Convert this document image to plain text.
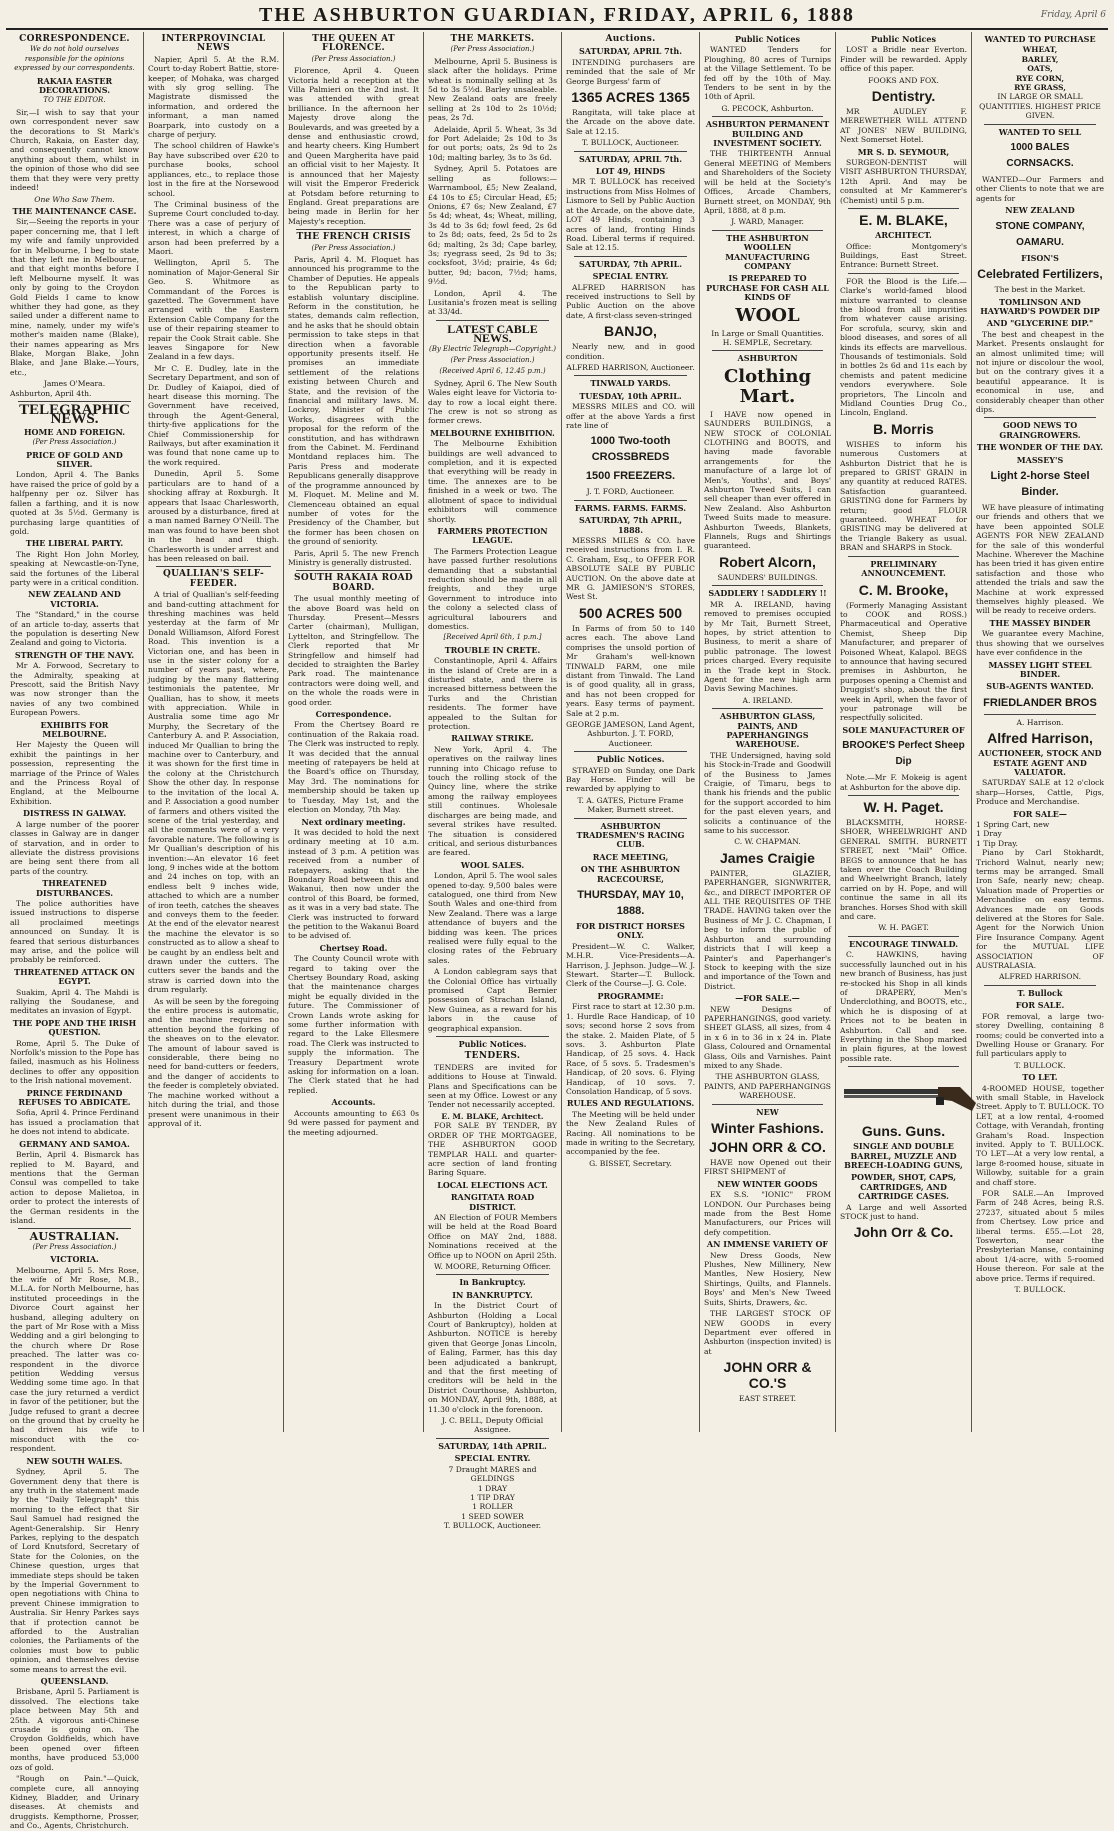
THE ASHBURTON GUARDIAN, FRIDAY, APRIL 6, 1888	Friday, April 6
CORRESPONDENCE.
We do not hold ourselves responsible for the opinions expressed by our correspondents.
RAKAIA EASTER DECORATIONS.
TO THE EDITOR.

Sir,—I wish to say that your own correspondent never saw the decorations to St Mark's Church, Rakaia, on Easter day, and consequently cannot know anything about them, whilst in the opinion of those who did see them that they were very pretty indeed!

One Who Saw Them.
THE MAINTENANCE CASE.

Sir,—Seeing the reports in your paper concerning me, that I left my wife and family unprovided for in Melbourne, I beg to state that they left me in Melbourne, and that eight months before I left Melbourne myself. It was only by going to the Croydon Gold Fields I came to know whither they had gone, as they sailed under a different name to mine, namely, under my wife's mother's maiden name (Blake), their names appearing as Mrs Blake, Morgan Blake, John Blake, and Jane Blake.—Yours, etc.,

James O'Meara.
Ashburton, April 4th.
TELEGRAPHIC NEWS.
HOME AND FOREIGN.
(Per Press Association.)
PRICE OF GOLD AND SILVER.

London, April 4. The Banks have raised the price of gold by a halfpenny per oz. Silver has fallen a farthing, and it is now quoted at 3s 5½d. Germany is purchasing large quantities of gold.

THE LIBERAL PARTY.

The Right Hon John Morley, speaking at Newcastle-on-Tyne, said the fortunes of the Liberal party were in a critical condition.

NEW ZEALAND AND VICTORIA.

The "Standard," in the course of an article to-day, asserts that the population is deserting New Zealand and going to Victoria.

STRENGTH OF THE NAVY.

Mr A. Forwood, Secretary to the Admiralty, speaking at Prescott, said the British Navy was now stronger than the navies of any two combined European Powers.

EXHIBITS FOR MELBOURNE.

Her Majesty the Queen will exhibit the paintings in her possession, representing the marriage of the Prince of Wales and the Princess Royal of England, at the Melbourne Exhibition.

DISTRESS IN GALWAY.

A large number of the poorer classes in Galway are in danger of starvation, and in order to alleviate the distress provisions are being sent there from all parts of the country.

THREATENED DISTURBANCES.

The police authorities have issued instructions to disperse all proclaimed meetings announced on Sunday. It is feared that serious disturbances may arise, and the police will probably be reinforced.

THREATENED ATTACK ON EGYPT.

Suakim, April 4. The Mahdi is rallying the Soudanese, and meditates an invasion of Egypt.

THE POPE AND THE IRISH QUESTION.

Rome, April 5. The Duke of Norfolk's mission to the Pope has failed, inasmuch as his Holiness declines to offer any opposition to the Irish national movement.

PRINCE FERDINAND REFUSES TO ABDICATE.

Sofia, April 4. Prince Ferdinand has issued a proclamation that he does not intend to abdicate.

GERMANY AND SAMOA.

Berlin, April 4. Bismarck has replied to M. Bayard, and mentions that the German Consul was compelled to take action to depose Malietoa, in order to protect the interests of the German residents in the island.

AUSTRALIAN.
(Per Press Association.)
VICTORIA.

Melbourne, April 5. Mrs Rose, the wife of Mr Rose, M.B., M.L.A. for North Melbourne, has instituted proceedings in the Divorce Court against her husband, alleging adultery on the part of Mr Rose with a Miss Wedding and a girl belonging to the church where Dr Rose preached. The latter was co-respondent in the divorce petition Wedding versus Wedding some time ago. In that case the jury returned a verdict in favor of the petitioner, but the Judge refused to grant a decree on the ground that by cruelty he had driven his wife to misconduct with the co-respondent.

NEW SOUTH WALES.

Sydney, April 5. The Government deny that there is any truth in the statement made by the "Daily Telegraph" this morning to the effect that Sir Saul Samuel had resigned the Agent-Generalship. Sir Henry Parkes, replying to the despatch of Lord Knutsford, Secretary of State for the Colonies, on the Chinese question, urges that immediate steps should be taken by the Imperial Government to open negotiations with China to prevent Chinese immigration to Australia. Sir Henry Parkes says that if protection cannot be afforded to the Australian colonies, the Parliaments of the colonies must bow to public opinion, and themselves devise some means to arrest the evil.

QUEENSLAND.

Brisbane, April 5. Parliament is dissolved. The elections take place between May 5th and 25th. A vigorous anti-Chinese crusade is going on. The Croydon Goldfields, which have been opened over fifteen months, have produced 53,000 ozs of gold.

"Rough on Pain."—Quick, complete cure, all annoying Kidney, Bladder, and Urinary diseases. At chemists and druggists. Kempthorne, Prosser, and Co., Agents, Christchurch.

INTERPROVINCIAL NEWS

Napier, April 5. At the R.M. Court to-day Robert Battie, store-keeper, of Mohaka, was charged with sly grog selling. The Magistrate dismissed the information, and ordered the informant, a man named Boarpark, into custody on a charge of perjury.

The school children of Hawke's Bay have subscribed over £20 to purchase books, school appliances, etc., to replace those lost in the fire at the Norsewood school.

The Criminal business of the Supreme Court concluded to-day. There was a case of perjury of interest, in which a charge of arson had been preferred by a Maori.

Wellington, April 5. The nomination of Major-General Sir Geo. S. Whitmore as Commandant of the Forces is gazetted. The Government have arranged with the Eastern Extension Cable Company for the use of their repairing steamer to repair the Cook Strait cable. She leaves Singapore for New Zealand in a few days.

Mr C. E. Dudley, late in the Secretary Department, and son of Dr. Dudley of Kaiapoi, died of heart disease this morning. The Government have received, through the Agent-General, thirty-five applications for the Chief Commissionership for Railways, but after examination it was found that none came up to the work required.

Dunedin, April 5. Some particulars are to hand of a shocking affray at Roxburgh. It appears that Isaac Charlesworth, aroused by a disturbance, fired at a man named Barney O'Neill. The man was found to have been shot in the head and thigh. Charlesworth is under arrest and has been released on bail.

QUALLIAN'S SELF-FEEDER.

A trial of Quallian's self-feeding and band-cutting attachment for threshing machines was held yesterday at the farm of Mr Donald Williamson, Alford Forest Road. This invention is a Victorian one, and has been in use in the sister colony for a number of years past, where, judging by the many flattering testimonials the patentee, Mr Quallian, has to show, it meets with appreciation. While in Australia some time ago Mr Murphy, the Secretary of the Canterbury A. and P. Association, induced Mr Quallian to bring the machine over to Canterbury, and it was shown for the first time in the colony at the Christchurch Show the other day. In response to the invitation of the local A. and P. Association a good number of farmers and others visited the scene of the trial yesterday, and all the comments were of a very favorable nature. The following is Mr Quallian's description of his invention:—An elevator 16 feet long, 9 inches wide at the bottom and 24 inches on top, with an endless belt 9 inches wide, attached to which are a number of iron teeth, catches the sheaves and conveys them to the feeder. At the end of the elevator nearest the machine the elevator is so constructed as to allow a sheaf to be caught by an endless belt and drawn under the cutters. The cutters sever the bands and the straw is carried down into the drum regularly.

As will be seen by the foregoing the entire process is automatic, and the machine requires no attention beyond the forking of the sheaves on to the elevator. The amount of labour saved is considerable, there being no need for band-cutters or feeders, and the danger of accidents to the feeder is completely obviated. The machine worked without a hitch during the trial, and those present were unanimous in their approval of it.

THE QUEEN AT FLORENCE.
(Per Press Association.)

Florence, April 4. Queen Victoria held a reception at the Villa Palmieri on the 2nd inst. It was attended with great brilliance. In the afternoon her Majesty drove along the Boulevards, and was greeted by a dense and enthusiastic crowd, and hearty cheers. King Humbert and Queen Margherita have paid an official visit to her Majesty. It is announced that her Majesty will visit the Emperor Frederick at Potsdam before returning to England. Great preparations are being made in Berlin for her Majesty's reception.

THE FRENCH CRISIS
(Per Press Association.)

Paris, April 4. M. Floquet has announced his programme to the Chamber of Deputies. He appeals to the Republican party to establish voluntary discipline. Reform in the constitution, he states, demands calm reflection, and he asks that he should obtain permission to take steps in that direction when a favorable opportunity presents itself. He promises an immediate settlement of the relations existing between Church and State, and the revision of the financial and military laws. M. Lockroy, Minister of Public Works, disagrees with the proposal for the reform of the constitution, and has withdrawn from the Cabinet. M. Ferdinand Montdand replaces him. The Paris Press and moderate Republicans generally disapprove of the programme announced by M. Floquet. M. Meline and M. Clemenceau obtained an equal number of votes for the Presidency of the Chamber, but the former has been chosen on the ground of seniority.

Paris, April 5. The new French Ministry is generally distrusted.

SOUTH RAKAIA ROAD BOARD.

The usual monthly meeting of the above Board was held on Thursday. Present—Messrs Carter (chairman), Mulligan, Lyttelton, and Stringfellow. The Clerk reported that Mr Stringfellow and himself had decided to straighten the Barley Park road. The maintenance contractors were doing well, and on the whole the roads were in good order.

Correspondence.

From the Chertsey Board re continuation of the Rakaia road. The Clerk was instructed to reply. It was decided that the annual meeting of ratepayers be held at the Board's office on Thursday, May 3rd. The nominations for membership should be taken up to Tuesday, May 1st, and the election on Monday, 7th May.

Next ordinary meeting.

It was decided to hold the next ordinary meeting at 10 a.m. instead of 3 p.m. A petition was received from a number of ratepayers, asking that the Boundary Road between this and Wakanui, then now under the control of this Board, be formed, as it was in a very bad state. The Clerk was instructed to forward the petition to the Wakanui Board to be advised of.

Chertsey Road.

The County Council wrote with regard to taking over the Chertsey Boundary Road, asking that the maintenance charges might be equally divided in the future. The Commissioner of Crown Lands wrote asking for some further information with regard to the Lake Ellesmere road. The Clerk was instructed to supply the information. The Treasury Department wrote asking for information on a loan. The Clerk stated that he had replied.

Accounts.

Accounts amounting to £63 0s 9d were passed for payment and the meeting adjourned.

THE MARKETS.
(Per Press Association.)

Melbourne, April 5. Business is slack after the holidays. Prime wheat is nominally selling at 3s 5d to 3s 5½d. Barley unsaleable. New Zealand oats are freely selling at 2s 10d to 2s 10½d; peas, 2s 7d.

Adelaide, April 5. Wheat, 3s 3d for Port Adelaide; 2s 10d to 3s for out ports; oats, 2s 9d to 2s 10d; malting barley, 3s to 3s 6d.

Sydney, April 5. Potatoes are selling as follows:—Warrnambool, £5; New Zealand, £4 10s to £5; Circular Head, £5; Onions, £7 6s; New Zealand, £7 5s 4d; wheat, 4s; Wheat, milling, 3s 4d to 3s 6d; fowl feed, 2s 6d to 2s 8d; oats, feed, 2s 5d to 2s 6d; malting, 2s 3d; Cape barley, 3s; ryegrass seed, 2s 9d to 3s; cocksfoot, 3½d; prairie, 4s 6d; butter, 9d; bacon, 7½d; hams, 9½d.

London, April 4. The Lusitania's frozen meat is selling at 33/4d.

LATEST CABLE NEWS.
(By Electric Telegraph—Copyright.)
(Per Press Association.)
(Received April 6, 12.45 p.m.)

Sydney, April 6. The New South Wales eight leave for Victoria to-day to row a local eight there. The crew is not so strong as former crews.

MELBOURNE EXHIBITION.

The Melbourne Exhibition buildings are well advanced to completion, and it is expected that everything will be ready in time. The annexes are to be finished in a week or two. The allotment of space to individual exhibitors will commence shortly.

FARMERS PROTECTION LEAGUE.

The Farmers Protection League have passed further resolutions demanding that a substantial reduction should be made in all freights, and they urge Government to introduce into the colony a selected class of agricultural labourers and domestics.

[Received April 6th, 1 p.m.]
TROUBLE IN CRETE.

Constantinople, April 4. Affairs in the island of Crete are in a disturbed state, and there is increased bitterness between the Turks and the Christian residents. The former have appealed to the Sultan for protection.

RAILWAY STRIKE.

New York, April 4. The operatives on the railway lines running into Chicago refuse to touch the rolling stock of the Quincy line, where the strike among the railway employees still continues. Wholesale discharges are being made, and several strikes have resulted. The situation is considered critical, and serious disturbances are feared.

WOOL SALES.

London, April 5. The wool sales opened to-day. 9,500 bales were catalogued, one third from New South Wales and one-third from New Zealand. There was a large attendance of buyers and the bidding was keen. The prices realised were fully equal to the closing rates of the February sales.

A London cablegram says that the Colonial Office has virtually promised Capt Bernier possession of Strachan Island, New Guinea, as a reward for his labors in the cause of geographical expansion.

Public Notices.
TENDERS.

TENDERS are invited for additions to House at Tinwald. Plans and Specifications can be seen at my Office. Lowest or any Tender not necessarily accepted.

E. M. BLAKE, Architect.

FOR SALE BY TENDER, BY ORDER OF THE MORTGAGEE, THE ASHBURTON GOOD TEMPLAR HALL and quarter-acre section of land fronting Baring Square.

LOCAL ELECTIONS ACT.
RANGITATA ROAD DISTRICT.

AN Election of FOUR Members will be held at the Road Board Office on MAY 2nd, 1888. Nominations received at the Office up to NOON on April 25th.

W. MOORE, Returning Officer.
In Bankruptcy.
IN BANKRUPTCY.

In the District Court of Ashburton (Holding a Local Court of Bankruptcy), holden at Ashburton. NOTICE is hereby given that George Jonas Lincoln, of Ealing, Farmer, has this day been adjudicated a bankrupt, and that the first meeting of creditors will be held in the District Courthouse, Ashburton, on MONDAY, April 9th, 1888, at 11.30 o'clock in the forenoon.

J. C. BELL, Deputy Official Assignee.
SATURDAY, 14th APRIL.
SPECIAL ENTRY.
7 Draught MARES and GELDINGS
1 DRAY
1 TIP DRAY
1 ROLLER
1 SEED SOWER
T. BULLOCK, Auctioneer.
Auctions.
SATURDAY, APRIL 7th.

INTENDING purchasers are reminded that the sale of Mr George Burgess' farm of

1365 ACRES 1365

Rangitata, will take place at the Arcade on the above date. Sale at 12.15.

T. BULLOCK, Auctioneer.
SATURDAY, APRIL 7th.
LOT 49, HINDS

MR T. BULLOCK has received instructions from Miss Holmes of Lismore to Sell by Public Auction at the Arcade, on the above date, LOT 49 Hinds, containing 3 acres of land, fronting Hinds Road. Liberal terms if required. Sale at 12.15.

SATURDAY, 7th APRIL.
SPECIAL ENTRY.

ALFRED HARRISON has received instructions to Sell by Public Auction on the above date, A first-class seven-stringed

BANJO,

Nearly new, and in good condition.

ALFRED HARRISON, Auctioneer.
TINWALD YARDS.
TUESDAY, 10th APRIL.

MESSRS MILES and CO. will offer at the above Yards a first rate line of

1000 Two-tooth CROSSBREDS
1500 FREEZERS.
J. T. FORD, Auctioneer.
FARMS. FARMS. FARMS.
SATURDAY, 7th APRIL, 1888.

MESSRS MILES & CO. have received instructions from I. R. C. Graham, Esq., to OFFER FOR ABSOLUTE SALE BY PUBLIC AUCTION. On the above date at MR G. JAMIESON'S STORES, West St.

500 ACRES 500

In Farms of from 50 to 140 acres each. The above Land comprises the unsold portion of Mr Graham's well-known TINWALD FARM, one mile distant from Tinwald. The Land is of good quality, all in grass, and has not been cropped for years. Easy terms of payment. Sale at 2 p.m.

GEORGE JAMESON, Land Agent, Ashburton. J. T. FORD, Auctioneer.
Public Notices.

STRAYED on Sunday, one Dark Bay Horse. Finder will be rewarded by applying to

T. A. GATES, Picture Frame Maker, Burnett street.
ASHBURTON TRADESMEN'S RACING CLUB.
RACE MEETING,
ON THE ASHBURTON RACECOURSE,
THURSDAY, MAY 10, 1888.
FOR DISTRICT HORSES ONLY.

President—W. C. Walker, M.H.R. Vice-Presidents—A. Harrison, J. Jephson. Judge—W. J. Stewart. Starter—T. Bullock. Clerk of the Course—J. G. Cole.

PROGRAMME:

First race to start at 12.30 p.m. 1. Hurdle Race Handicap, of 10 sovs; second horse 2 sovs from the stake. 2. Maiden Plate, of 5 sovs. 3. Ashburton Plate Handicap, of 25 sovs. 4. Hack Race, of 5 sovs. 5. Tradesmen's Handicap, of 20 sovs. 6. Flying Handicap, of 10 sovs. 7. Consolation Handicap, of 5 sovs.

RULES AND REGULATIONS.

The Meeting will be held under the New Zealand Rules of Racing. All nominations to be made in writing to the Secretary, accompanied by the fee.

G. BISSET, Secretary.
Public Notices

WANTED Tenders for Ploughing, 80 acres of Turnips at the Village Settlement. To be fed off by the 10th of May. Tenders to be sent in by the 10th of April.

G. PECOCK, Ashburton.
ASHBURTON PERMANENT BUILDING AND INVESTMENT SOCIETY.

THE THIRTEENTH Annual General MEETING of Members and Shareholders of the Society will be held at the Society's Offices, Arcade Chambers, Burnett street, on MONDAY, 9th April, 1888, at 8 p.m.

J. WARD, Manager.
THE ASHBURTON WOOLLEN MANUFACTURING COMPANY
IS PREPARED TO PURCHASE FOR CASH ALL KINDS OF
WOOL
In Large or Small Quantities.
H. SEMPLE, Secretary.
ASHBURTON
Clothing Mart.

I HAVE now opened in SAUNDERS BUILDINGS, a NEW STOCK of COLONIAL CLOTHING and BOOTS, and having made favorable arrangements for the manufacture of a large lot of Men's, Youths', and Boys' Ashburton Tweed Suits, I can sell cheaper than ever offered in New Zealand. Also Ashburton Tweed Suits made to measure. Ashburton Tweeds, Blankets, Flannels, Rugs and Shirtings guaranteed.

Robert Alcorn,
SAUNDERS' BUILDINGS.
SADDLERY ! SADDLERY !!

MR A. IRELAND, having removed to premises occupied by Mr Tait, Burnett Street, hopes, by strict attention to Business, to merit a share of public patronage. The lowest prices charged. Every requisite in the Trade kept in Stock. Agent for the new high arm Davis Sewing Machines.

A. IRELAND.
ASHBURTON GLASS, PAINTS, AND PAPERHANGINGS WAREHOUSE.

THE Undersigned, having sold his Stock-in-Trade and Goodwill of the Business to James Craigie, of Timaru, begs to thank his friends and the public for the support accorded to him for the past eleven years, and solicits a continuance of the same to his successor.

C. W. CHAPMAN.
James Craigie

PAINTER, GLAZIER, PAPERHANGER, SIGNWRITER, &c., and DIRECT IMPORTER OF ALL THE REQUISITES OF THE TRADE. HAVING taken over the Business of Mr J. C. Chapman, I beg to inform the public of Ashburton and surrounding districts that I will keep a Painter's and Paperhanger's Stock to keeping with the size and importance of the Town and District.

—FOR SALE.—

NEW Designs of PAPERHANGINGS, good variety. SHEET GLASS, all sizes, from 4 in x 6 in to 36 in x 24 in. Plate Glass, Coloured and Ornamental Glass, Oils and Varnishes. Paint mixed to any Shade.

THE ASHBURTON GLASS, PAINTS, AND PAPERHANGINGS WAREHOUSE.
NEW
Winter Fashions.
JOHN ORR & CO.

HAVE now Opened out their FIRST SHIPMENT of

NEW WINTER GOODS

EX S.S. "IONIC" FROM LONDON. Our Purchases being made from the Best Home Manufacturers, our Prices will defy competition.

AN IMMENSE VARIETY OF

New Dress Goods, New Plushes, New Millinery, New Mantles, New Hosiery, New Shirtings, Quilts, and Flannels. Boys' and Men's New Tweed Suits, Shirts, Drawers, &c.

THE LARGEST STOCK OF NEW GOODS in every Department ever offered in Ashburton (inspection invited) is at

JOHN ORR & CO.'S
EAST STREET.
Public Notices

LOST a Bridle near Everton. Finder will be rewarded. Apply office of this paper.

FOOKS AND FOX.
Dentistry.

MR AUDLEY F. MEREWETHER WILL ATTEND AT JONES' NEW BUILDING, Next Somerset Hotel.

MR S. D. SEYMOUR,

SURGEON-DENTIST will VISIT ASHBURTON THURSDAY, 12th April. And may be consulted at Mr Kammerer's (Chemist) until 5 p.m.

E. M. BLAKE,
ARCHITECT.

Office: Montgomery's Buildings, East Street. Entrance: Burnett Street.

FOR the Blood is the Life.—Clarke's world-famed blood mixture warranted to cleanse the blood from all impurities from whatever cause arising. For scrofula, scurvy, skin and blood diseases, and sores of all kinds its effects are marvellous. Thousands of testimonials. Sold in bottles 2s 6d and 11s each by chemists and patent medicine vendors everywhere. Sole proprietors, The Lincoln and Midland Counties Drug Co., Lincoln, England.

B. Morris

WISHES to inform his numerous Customers at Ashburton District that he is prepared to GRIST GRAIN in any quantity at reduced RATES. Satisfaction guaranteed. GRISTING done for Farmers by return; good FLOUR guaranteed. WHEAT for GRISTING may be delivered at the Triangle Bakery as usual. BRAN and SHARPS in Stock.

PRELIMINARY ANNOUNCEMENT.
C. M. Brooke,

(Formerly Managing Assistant to COOK and ROSS.) Pharmaceutical and Operative Chemist, Sheep Dip Manufacturer, and preparer of Poisoned Wheat, Kalapol. BEGS to announce that having secured premises in Ashburton, he purposes opening a Chemist and Druggist's shop, about the first week in April, when the favor of your patronage will be respectfully solicited.

SOLE MANUFACTURER OF
BROOKE'S Perfect Sheep Dip

Note.—Mr F. Mokeig is agent at Ashburton for the above dip.

W. H. Paget.

BLACKSMITH, HORSE-SHOER, WHEELWRIGHT AND GENERAL SMITH. BURNETT STREET, next "Mail" Office. BEGS to announce that he has taken over the Coach Building and Wheelwright Branch, lately carried on by H. Pope, and will continue the same in all its branches. Horses Shod with skill and care.

W. H. PAGET.
ENCOURAGE TINWALD.

C. HAWKINS, having successfully launched out in his new branch of Business, has just re-stocked his Shop in all kinds of DRAPERY, Men's Underclothing, and BOOTS, etc., which he is disposing of at Prices not to be beaten in Ashburton. Call and see. Everything in the Shop marked in plain figures, at the lowest possible rate.

Guns. Guns.
SINGLE AND DOUBLE BARREL, MUZZLE AND BREECH-LOADING GUNS,
POWDER, SHOT, CAPS, CARTRIDGES, AND CARTRIDGE CASES.

A Large and well Assorted STOCK just to hand.

John Orr & Co.
WANTED TO PURCHASE
WHEAT,
BARLEY,
OATS,
RYE CORN,
RYE GRASS,
IN LARGE OR SMALL QUANTITIES. HIGHEST PRICE GIVEN.
WANTED TO SELL
1000 BALES CORNSACKS.

WANTED—Our Farmers and other Clients to note that we are agents for

NEW ZEALAND
STONE COMPANY, OAMARU.
FISON'S
Celebrated Fertilizers,
The best in the Market.
TOMLINSON AND HAYWARD'S POWDER DIP
AND "GLYCERINE DIP."

The best and cheapest in the Market. Presents onslaught for an almost unlimited time; will not injure or discolour the wool, but on the contrary gives it a beautiful appearance. It is economical in use, and considerably cheaper than other dips.

GOOD NEWS TO GRAINGROWERS.
THE WONDER OF THE DAY.
MASSEY'S
Light 2-horse Steel Binder.

WE have pleasure of intimating our friends and others that we have been appointed SOLE AGENTS FOR NEW ZEALAND for the sale of this wonderful Machine. Wherever the Machine has been tried it has given entire satisfaction and those who attended the trials and saw the Machine at work expressed themselves highly pleased. We will be ready to receive orders.

THE MASSEY BINDER

We guarantee every Machine, thus showing that we ourselves have ever confidence in the

MASSEY LIGHT STEEL BINDER.
SUB-AGENTS WANTED.
FRIEDLANDER BROS
A. Harrison.
Alfred Harrison,
AUCTIONEER, STOCK AND ESTATE AGENT AND VALUATOR.

SATURDAY SALE at 12 o'clock sharp—Horses, Cattle, Pigs, Produce and Merchandise.

FOR SALE—
1 Spring Cart, new
1 Dray
1 Tip Dray.

Piano by Carl Stokhardt, Trichord Walnut, nearly new; terms may be arranged. Small Iron Safe, nearly new; cheap. Valuation made of Properties or Merchandise on easy terms. Advances made on Goods delivered at the Stores for Sale. Agent for the Norwich Union Fire Insurance Company. Agent for the MUTUAL LIFE ASSOCIATION OF AUSTRALASIA.

ALFRED HARRISON.
T. Bullock
FOR SALE.

FOR removal, a large two-storey Dwelling, containing 8 rooms; could be converted into a Dwelling House or Granary. For full particulars apply to

T. BULLOCK.
TO LET.

4-ROOMED HOUSE, together with small Stable, in Havelock Street. Apply to T. BULLOCK. TO LET, at a low rental, 4-roomed Cottage, with Verandah, fronting Graham's Road. Inspection invited. Apply to T. BULLOCK. TO LET—At a very low rental, a large 8-roomed house, situate in Willowby, suitable for a grain and chaff store.

FOR SALE.—An Improved Farm of 248 Acres, being R.S. 27237, situated about 5 miles from Chertsey. Low price and liberal terms. £55.—Lot 28, Toswerton, near the Presbyterian Manse, containing about 1/4-acre, with 5-roomed House thereon. For sale at the above price. Terms if required.

T. BULLOCK.
